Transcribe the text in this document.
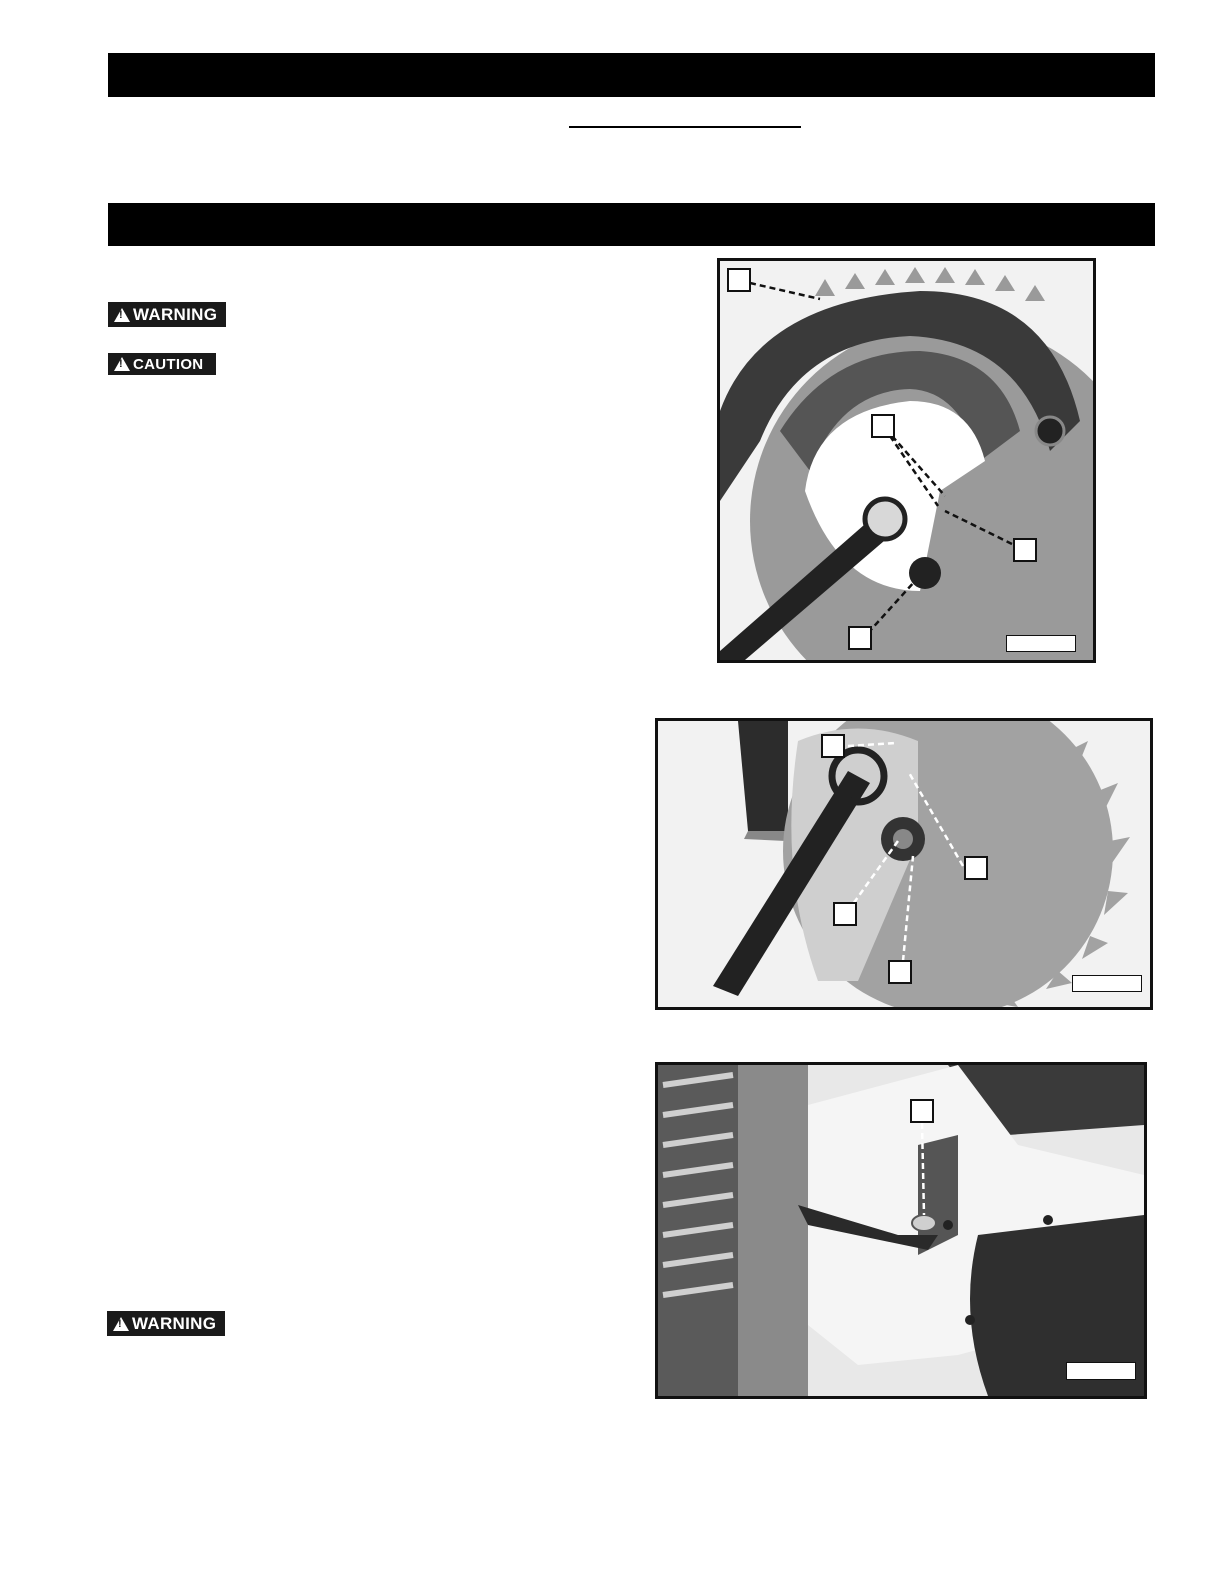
!
WARNING
!
CAUTION
!
WARNING
